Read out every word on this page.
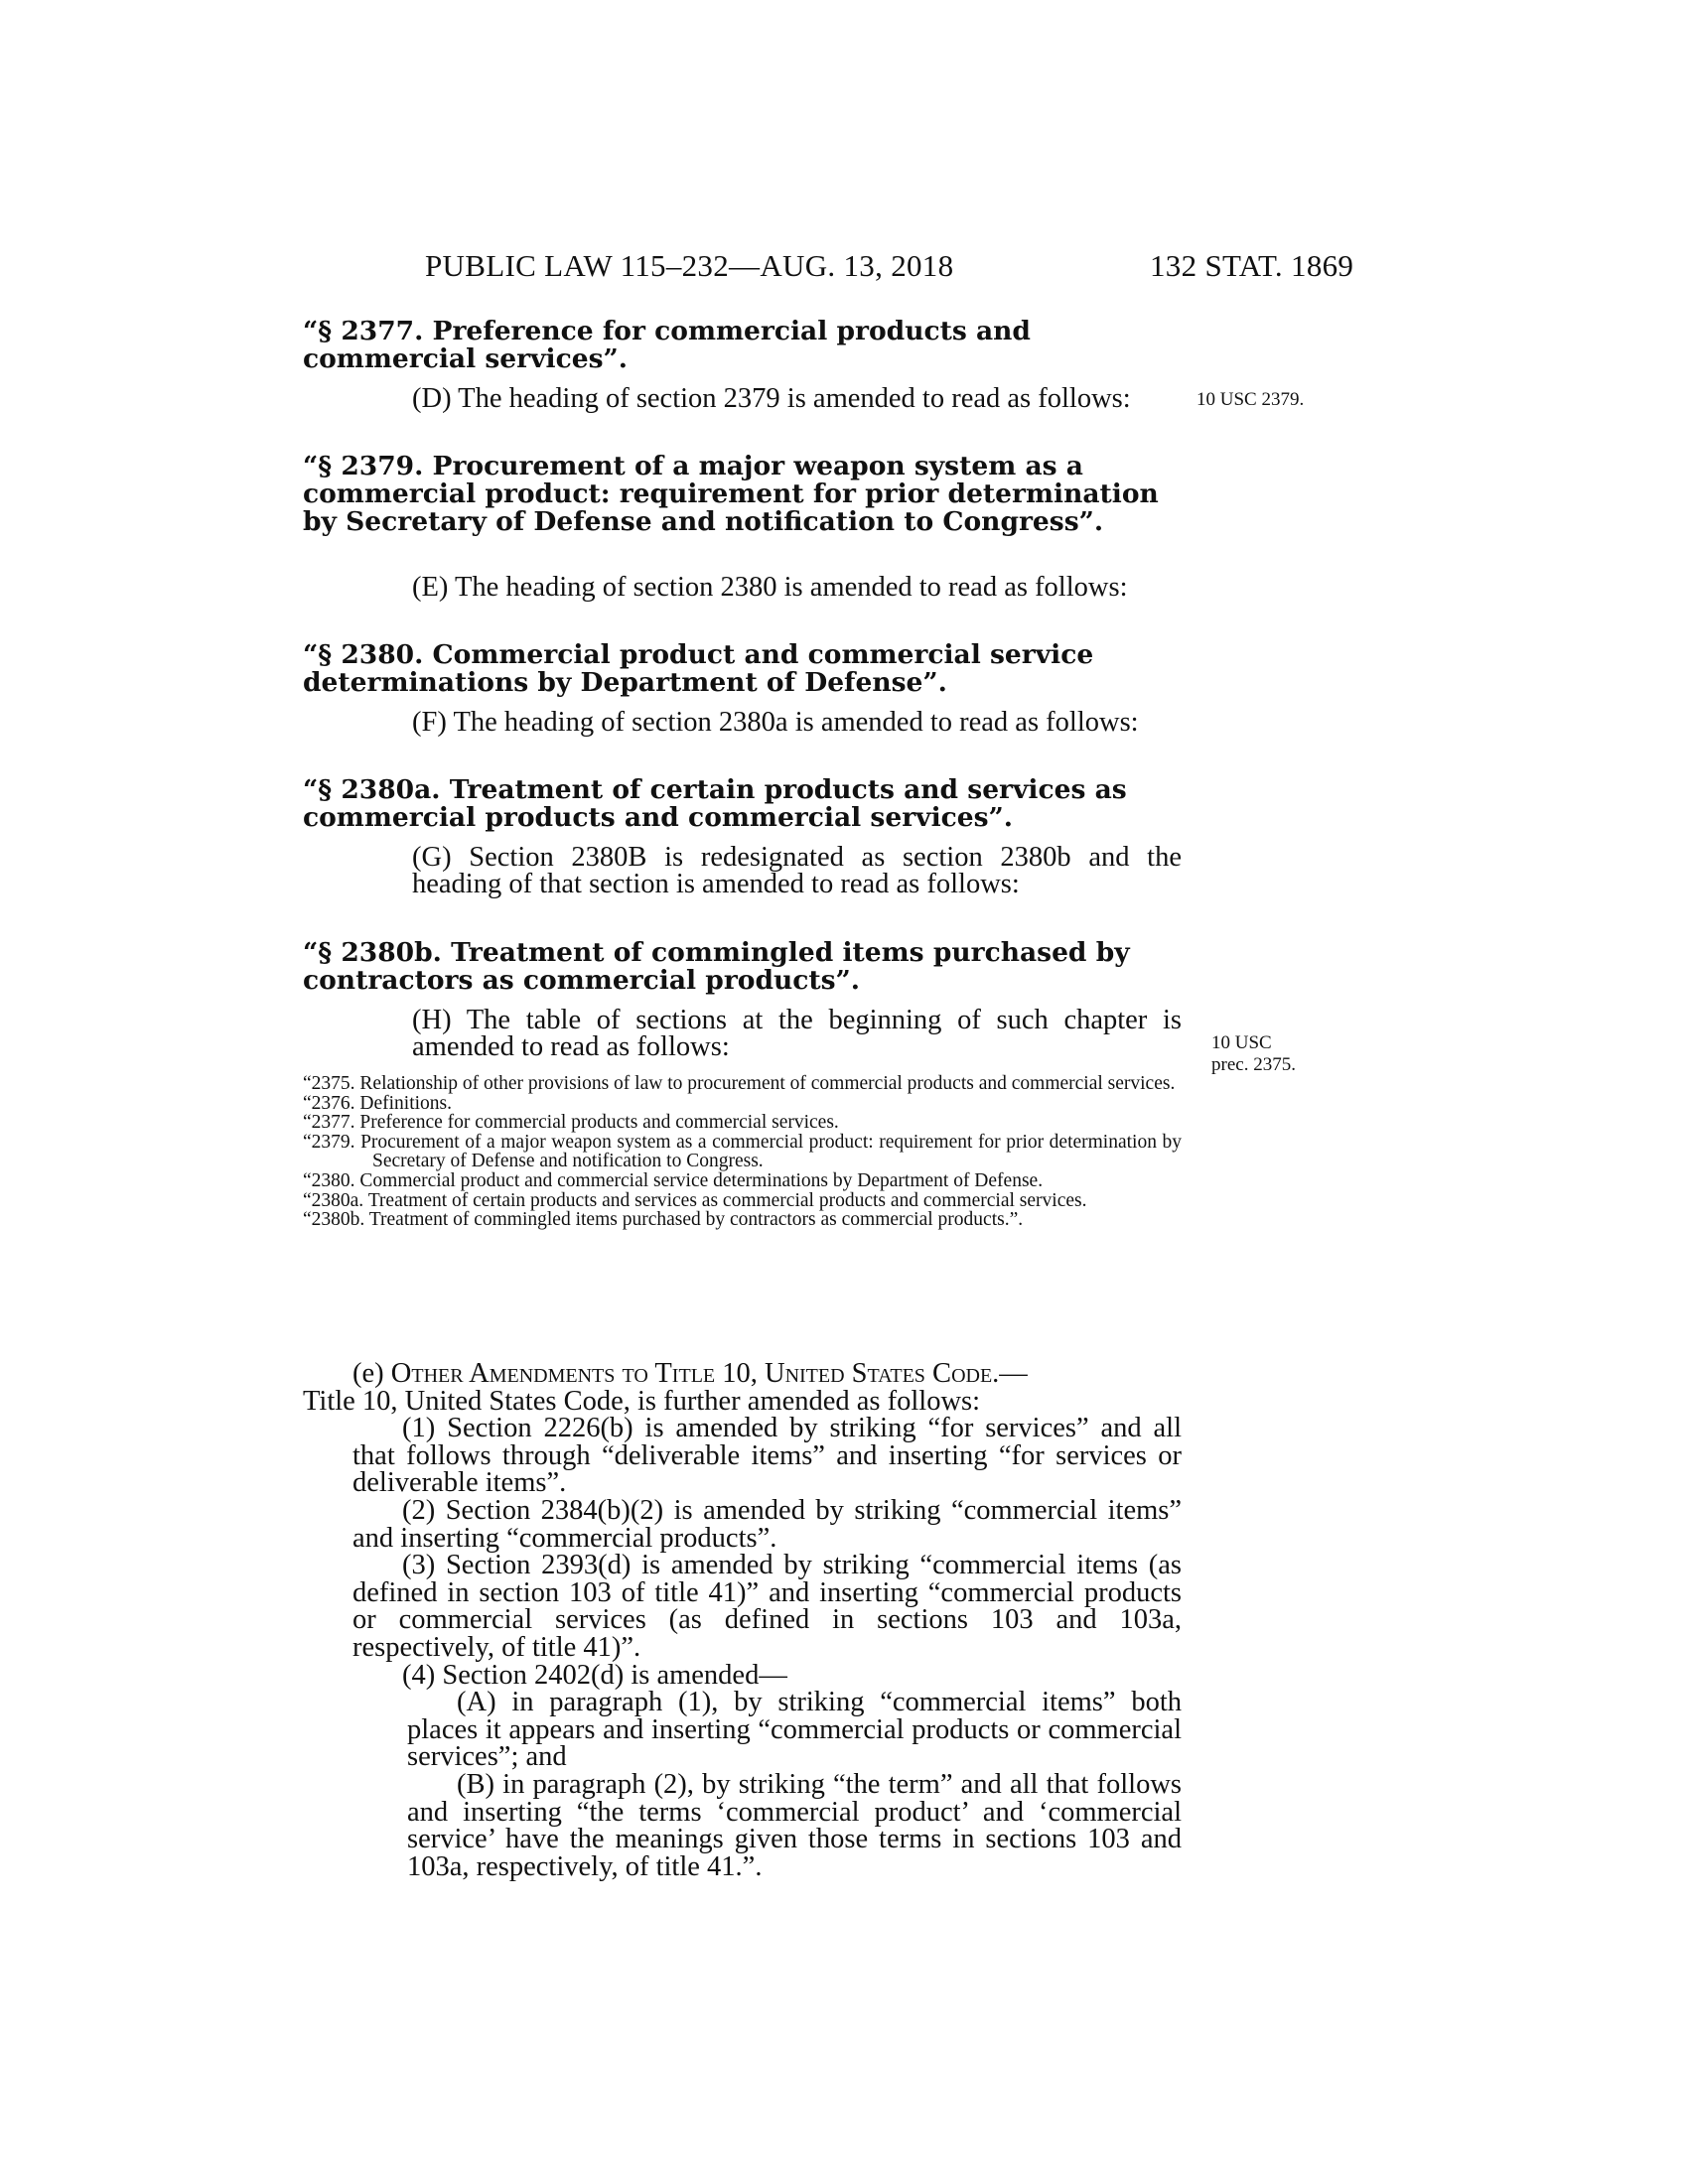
PUBLIC LAW 115–232—AUG. 13, 2018	132 STAT. 1869
“§ 2377. Preference for commercial products and commercial services”.
(D) The heading of section 2379 is amended to read as follows:	10 USC 2379.
“§ 2379. Procurement of a major weapon system as a commercial product: requirement for prior determination by Secretary of Defense and notification to Congress”.
(E) The heading of section 2380 is amended to read as follows:
“§ 2380. Commercial product and commercial service determinations by Department of Defense”.
(F) The heading of section 2380a is amended to read as follows:
“§ 2380a. Treatment of certain products and services as commercial products and commercial services”.
(G) Section 2380B is redesignated as section 2380b and the heading of that section is amended to read as follows:
“§ 2380b. Treatment of commingled items purchased by contractors as commercial products”.
(H) The table of sections at the beginning of such chapter is amended to read as follows:	10 USC
prec. 2375.
“2375. Relationship of other provisions of law to procurement of commercial products and commercial services.
“2376. Definitions.
“2377. Preference for commercial products and commercial services.
“2379. Procurement of a major weapon system as a commercial product: requirement for prior determination by Secretary of Defense and notification to Congress.
“2380. Commercial product and commercial service determinations by Department of Defense.
“2380a. Treatment of certain products and services as commercial products and commercial services.
“2380b. Treatment of commingled items purchased by contractors as commercial products.”.

(e) Other Amendments to Title 10, United States Code.—

Title 10, United States Code, is further amended as follows:

(1) Section 2226(b) is amended by striking “for services” and all that follows through “deliverable items” and inserting “for services or deliverable items”.

(2) Section 2384(b)(2) is amended by striking “commercial items” and inserting “commercial products”.

(3) Section 2393(d) is amended by striking “commercial items (as defined in section 103 of title 41)” and inserting “commercial products or commercial services (as defined in sections 103 and 103a, respectively, of title 41)”.

(4) Section 2402(d) is amended—

(A) in paragraph (1), by striking “commercial items” both places it appears and inserting “commercial products or commercial services”; and

(B) in paragraph (2), by striking “the term” and all that follows and inserting “the terms ‘commercial product’ and ‘commercial service’ have the meanings given those terms in sections 103 and 103a, respectively, of title 41.”.
